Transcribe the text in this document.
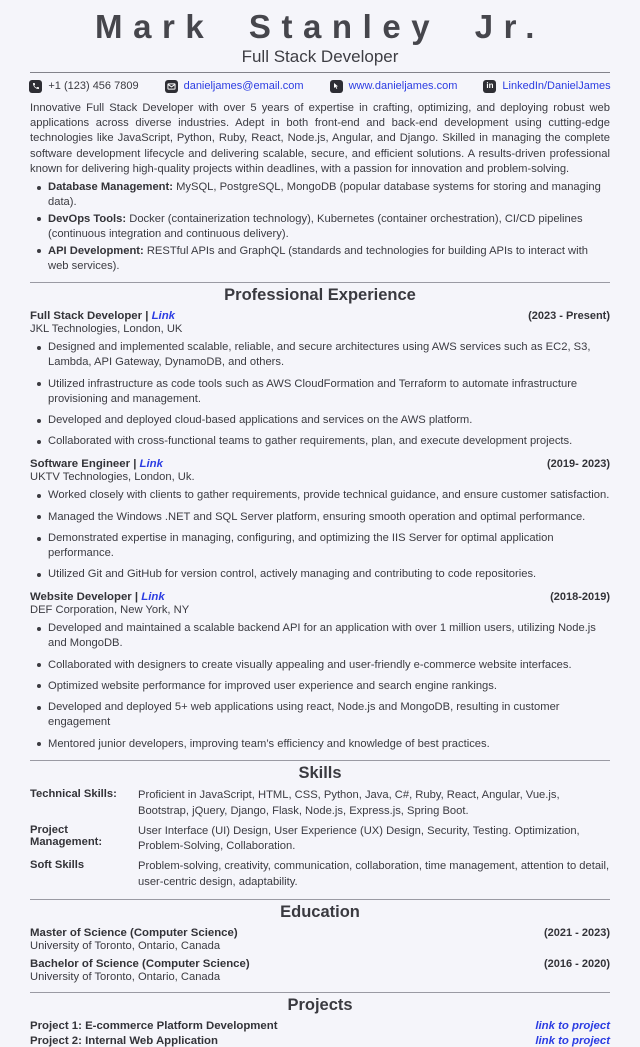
Mark Stanley Jr.
Full Stack Developer
+1 (123) 456 7809	danieljames@email.com	www.danieljames.com	in LinkedIn/DanielJames

Innovative Full Stack Developer with over 5 years of expertise in crafting, optimizing, and deploying robust web applications across diverse industries. Adept in both front-end and back-end development using cutting-edge technologies like JavaScript, Python, Ruby, React, Node.js, Angular, and Django. Skilled in managing the complete software development lifecycle and delivering scalable, secure, and efficient solutions. A results-driven professional known for delivering high-quality projects within deadlines, with a passion for innovation and problem-solving.

Database Management: MySQL, PostgreSQL, MongoDB (popular database systems for storing and managing data).
DevOps Tools: Docker (containerization technology), Kubernetes (container orchestration), CI/CD pipelines (continuous integration and continuous delivery).
API Development: RESTful APIs and GraphQL (standards and technologies for building APIs to interact with web services).
Professional Experience
Full Stack Developer | Link	(2023 - Present)
JKL Technologies, London, UK
Designed and implemented scalable, reliable, and secure architectures using AWS services such as EC2, S3, Lambda, API Gateway, DynamoDB, and others.
Utilized infrastructure as code tools such as AWS CloudFormation and Terraform to automate infrastructure provisioning and management.
Developed and deployed cloud-based applications and services on the AWS platform.
Collaborated with cross-functional teams to gather requirements, plan, and execute development projects.
Software Engineer | Link	(2019- 2023)
UKTV Technologies, London, Uk.
Worked closely with clients to gather requirements, provide technical guidance, and ensure customer satisfaction.
Managed the Windows .NET and SQL Server platform, ensuring smooth operation and optimal performance.
Demonstrated expertise in managing, configuring, and optimizing the IIS Server for optimal application performance.
Utilized Git and GitHub for version control, actively managing and contributing to code repositories.
Website Developer | Link	(2018-2019)
DEF Corporation, New York, NY
Developed and maintained a scalable backend API for an application with over 1 million users, utilizing Node.js and MongoDB.
Collaborated with designers to create visually appealing and user-friendly e-commerce website interfaces.
Optimized website performance for improved user experience and search engine rankings.
Developed and deployed 5+ web applications using react, Node.js and MongoDB, resulting in customer engagement
Mentored junior developers, improving team’s efficiency and knowledge of best practices.
Skills
Technical Skills:	Proficient in JavaScript, HTML, CSS, Python, Java, C#, Ruby, React, Angular, Vue.js, Bootstrap, jQuery, Django, Flask, Node.js, Express.js, Spring Boot.
Project Management:
User Interface (UI) Design, User Experience (UX) Design, Security, Testing. Optimization, Problem-Solving, Collaboration.
Soft Skills	Problem-solving, creativity, communication, collaboration, time management, attention to detail, user-centric design, adaptability.
Education
Master of Science (Computer Science)	(2021 - 2023)
University of Toronto, Ontario, Canada
Bachelor of Science (Computer Science)	(2016 - 2020)
University of Toronto, Ontario, Canada
Projects
Project 1: E-commerce Platform Development	link to project
Project 2: Internal Web Application	link to project
